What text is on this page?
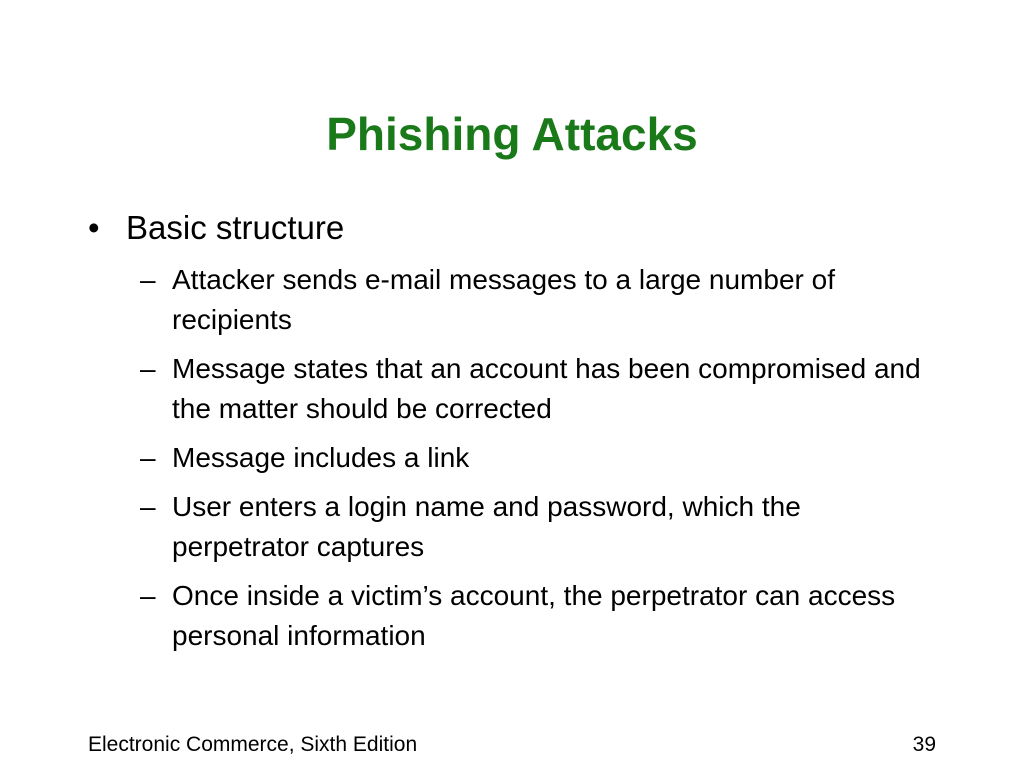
Phishing Attacks
• Basic structure
– Attacker sends e-mail messages to a large number of recipients
– Message states that an account has been compromised and the matter should be corrected
– Message includes a link
– User enters a login name and password, which the perpetrator captures
– Once inside a victim’s account, the perpetrator can access personal information
Electronic Commerce, Sixth Edition	39
